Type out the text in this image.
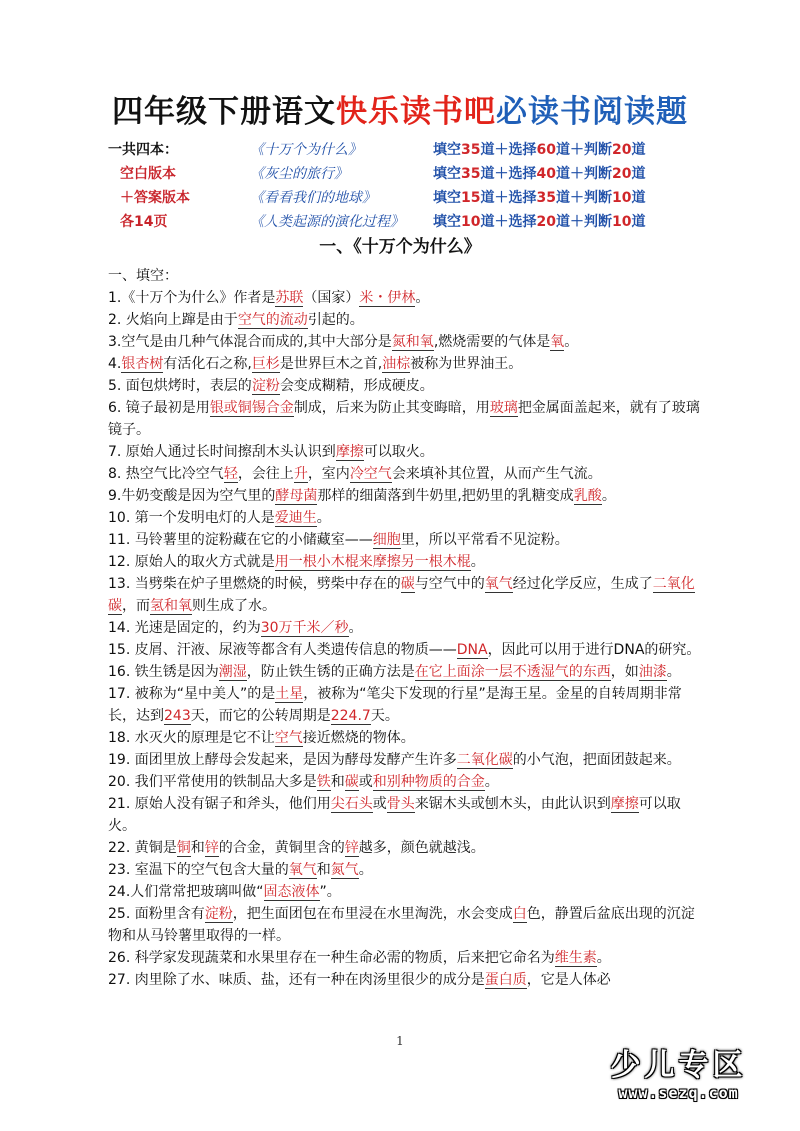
四年级下册语文快乐读书吧必读书阅读题
一共四本：	《十万个为什么》	填空35道＋选择60道＋判断20道
空白版本	《灰尘的旅行》	填空35道＋选择40道＋判断20道
＋答案版本	《看看我们的地球》	填空15道＋选择35道＋判断10道
各14页	《人类起源的演化过程》 填空10道＋选择20道＋判断10道
一、《十万个为什么》

一、填空：

1.《十万个为什么》作者是苏联（国家）米・伊林。

2. 火焰向上蹿是由于空气的流动引起的。

3.空气是由几种气体混合而成的,其中大部分是氮和氧,燃烧需要的气体是氧。

4.银杏树有活化石之称,巨杉是世界巨木之首,油棕被称为世界油王。

5. 面包烘烤时，表层的淀粉会变成糊精，形成硬皮。

6. 镜子最初是用银或铜锡合金制成，后来为防止其变晦暗，用玻璃把金属面盖起来，就有了玻璃镜子。

7. 原始人通过长时间擦刮木头认识到摩擦可以取火。

8. 热空气比冷空气轻，会往上升，室内冷空气会来填补其位置，从而产生气流。

9.牛奶变酸是因为空气里的酵母菌那样的细菌落到牛奶里,把奶里的乳糖变成乳酸。

10. 第一个发明电灯的人是爱迪生。

11. 马铃薯里的淀粉藏在它的小储藏室——细胞里，所以平常看不见淀粉。

12. 原始人的取火方式就是用一根小木棍来摩擦另一根木棍。

13. 当劈柴在炉子里燃烧的时候，劈柴中存在的碳与空气中的氧气经过化学反应，生成了二氧化碳，而氢和氧则生成了水。

14. 光速是固定的，约为30万千米／秒。

15. 皮屑、汗液、尿液等都含有人类遗传信息的物质——DNA，因此可以用于进行DNA的研究。

16. 铁生锈是因为潮湿，防止铁生锈的正确方法是在它上面涂一层不透湿气的东西，如油漆。

17. 被称为“星中美人”的是土星，被称为“笔尖下发现的行星”是海王星。金星的自转周期非常长，达到243天，而它的公转周期是224.7天。

18. 水灭火的原理是它不让空气接近燃烧的物体。

19. 面团里放上酵母会发起来，是因为酵母发酵产生许多二氧化碳的小气泡，把面团鼓起来。

20. 我们平常使用的铁制品大多是铁和碳或和别种物质的合金。

21. 原始人没有锯子和斧头，他们用尖石头或骨头来锯木头或刨木头，由此认识到摩擦可以取火。

22. 黄铜是铜和锌的合金，黄铜里含的锌越多，颜色就越浅。

23. 室温下的空气包含大量的氧气和氮气。

24.人们常常把玻璃叫做“固态液体”。

25. 面粉里含有淀粉，把生面团包在布里浸在水里淘洗，水会变成白色，静置后盆底出现的沉淀物和从马铃薯里取得的一样。

26. 科学家发现蔬菜和水果里存在一种生命必需的物质，后来把它命名为维生素。

27. 肉里除了水、味质、盐，还有一种在肉汤里很少的成分是蛋白质，它是人体必

1
少儿专区
www.sezq.com
